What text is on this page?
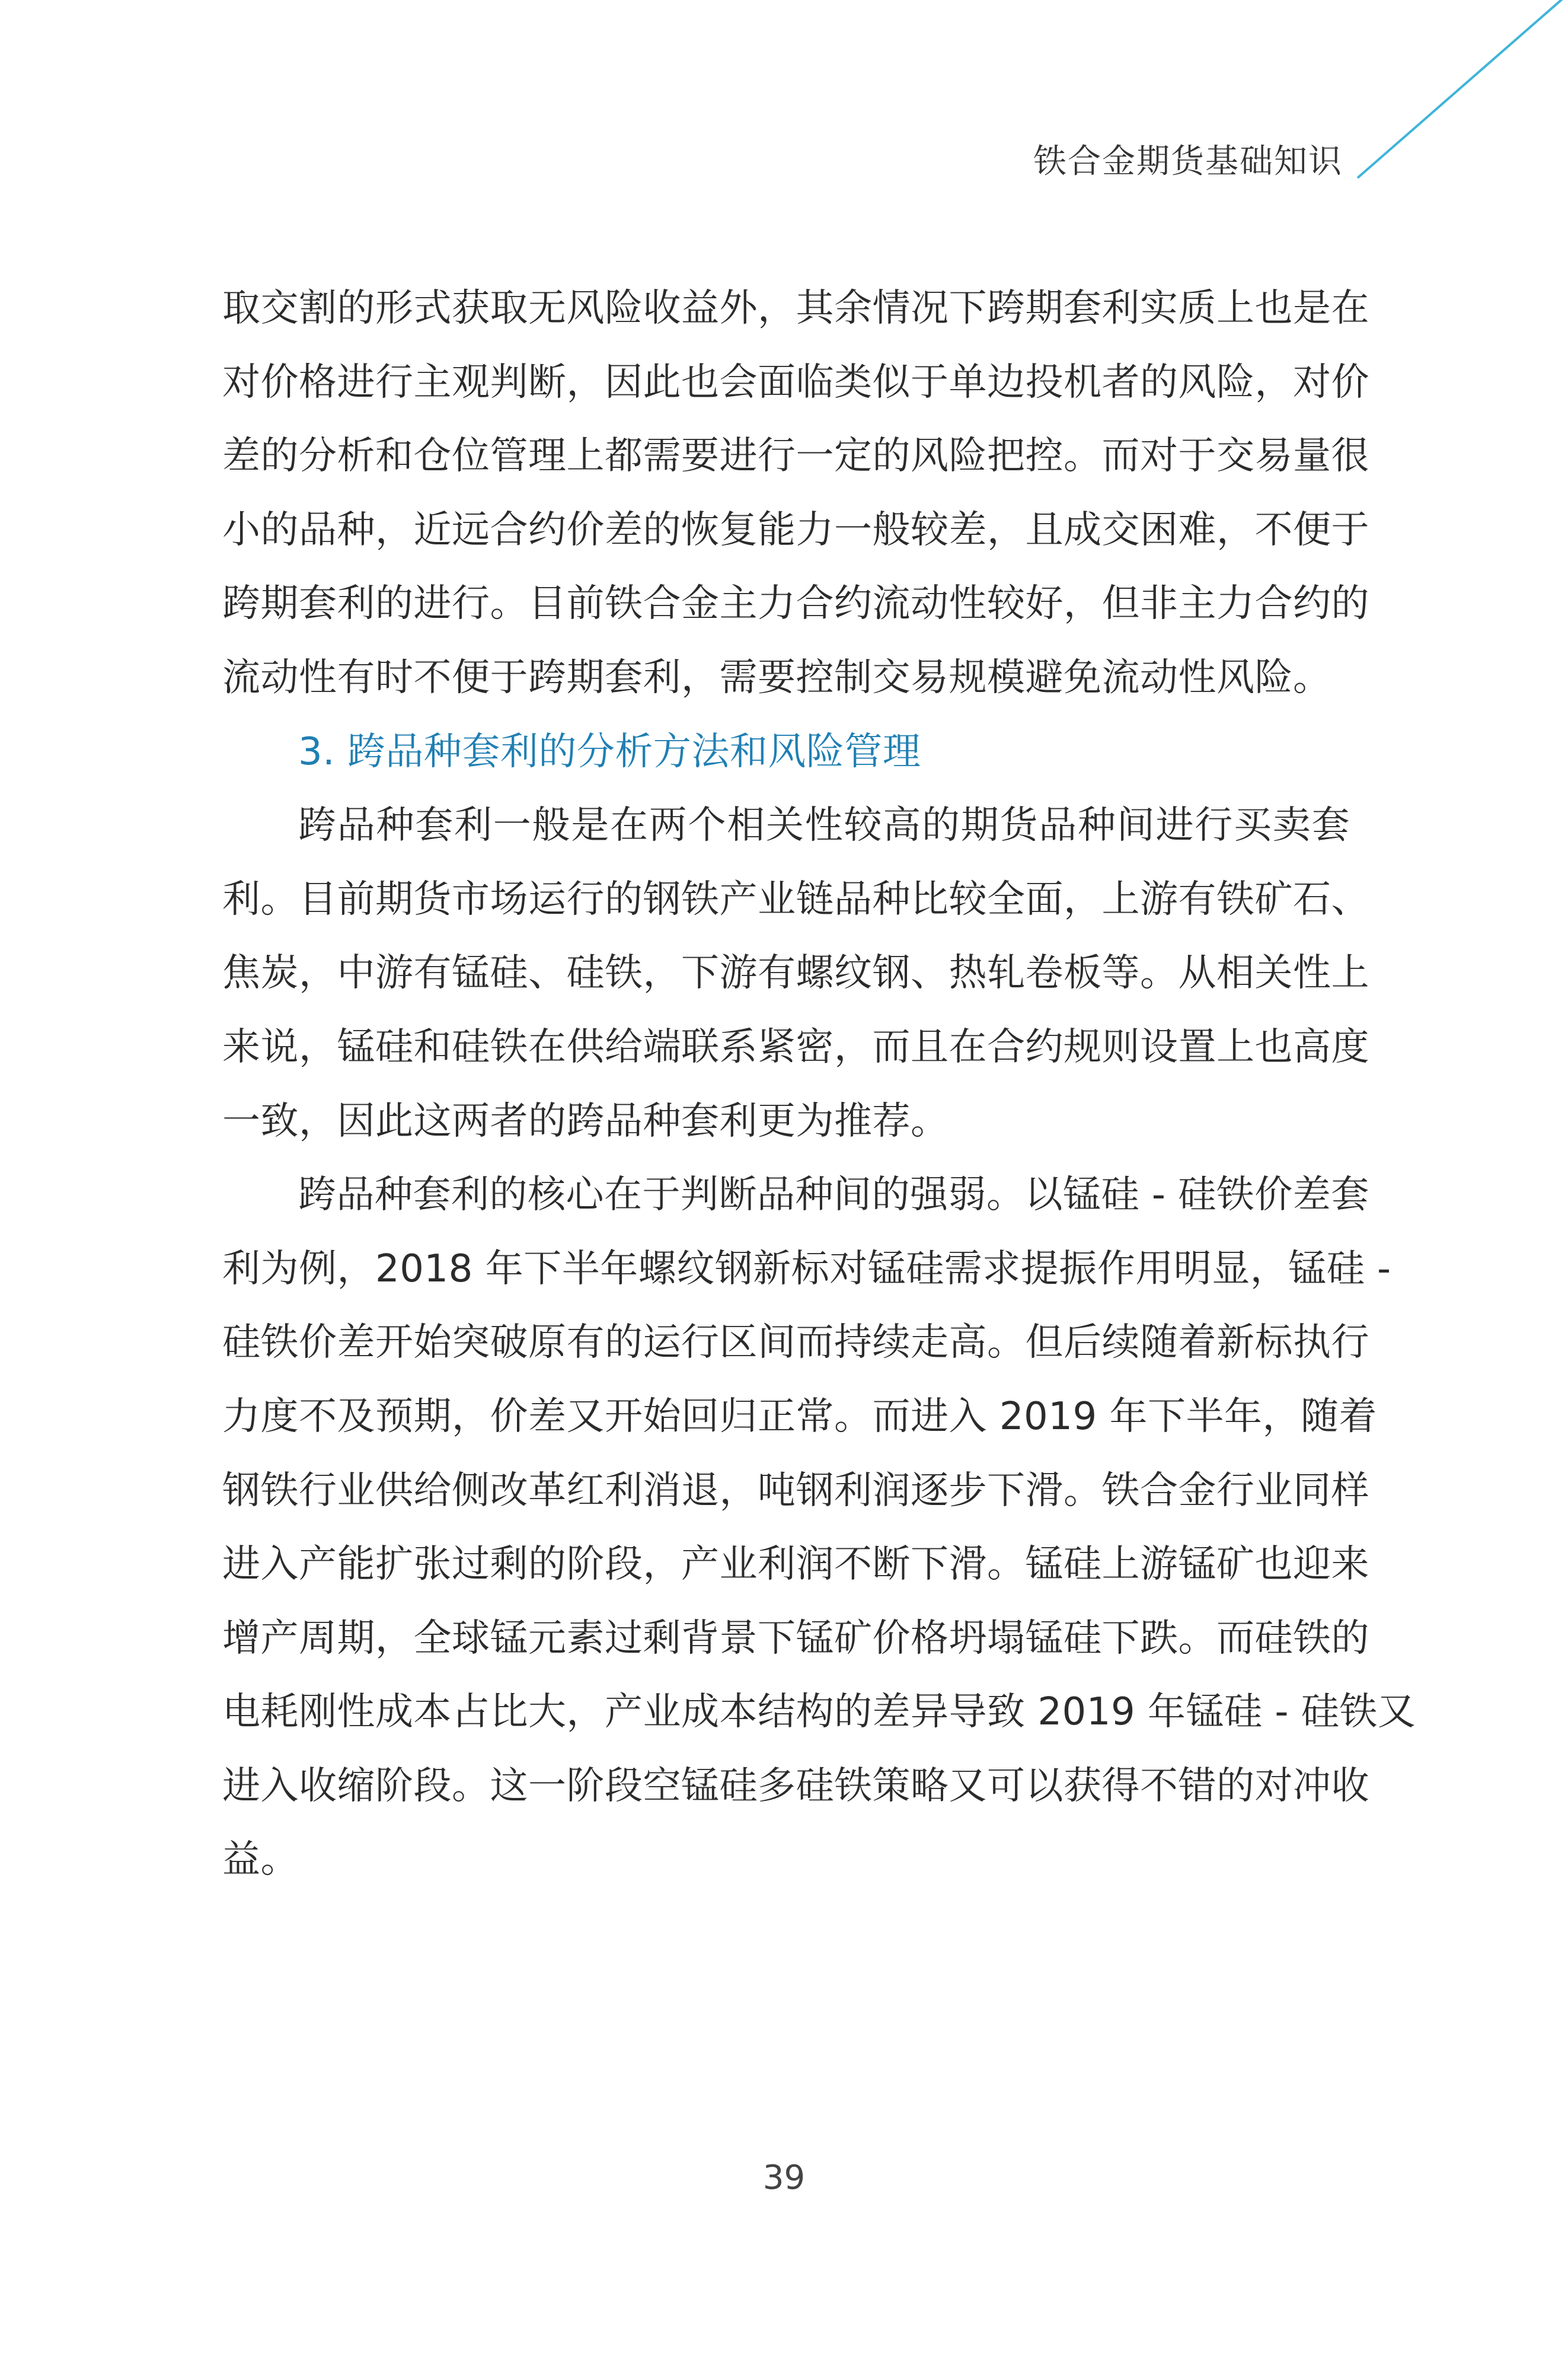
铁合金期货基础知识
取交割的形式获取无风险收益外，其余情况下跨期套利实质上也是在
对价格进行主观判断，因此也会面临类似于单边投机者的风险，对价
差的分析和仓位管理上都需要进行一定的风险把控。而对于交易量很
小的品种，近远合约价差的恢复能力一般较差，且成交困难，不便于
跨期套利的进行。目前铁合金主力合约流动性较好，但非主力合约的
流动性有时不便于跨期套利，需要控制交易规模避免流动性风险。
3. 跨品种套利的分析方法和风险管理
跨品种套利一般是在两个相关性较高的期货品种间进行买卖套
利。目前期货市场运行的钢铁产业链品种比较全面，上游有铁矿石、
焦炭，中游有锰硅、硅铁，下游有螺纹钢、热轧卷板等。从相关性上
来说，锰硅和硅铁在供给端联系紧密，而且在合约规则设置上也高度
一致，因此这两者的跨品种套利更为推荐。
跨品种套利的核心在于判断品种间的强弱。以锰硅 - 硅铁价差套
利为例，2018 年下半年螺纹钢新标对锰硅需求提振作用明显，锰硅 -
硅铁价差开始突破原有的运行区间而持续走高。但后续随着新标执行
力度不及预期，价差又开始回归正常。而进入 2019 年下半年，随着
钢铁行业供给侧改革红利消退，吨钢利润逐步下滑。铁合金行业同样
进入产能扩张过剩的阶段，产业利润不断下滑。锰硅上游锰矿也迎来
增产周期，全球锰元素过剩背景下锰矿价格坍塌锰硅下跌。而硅铁的
电耗刚性成本占比大，产业成本结构的差异导致 2019 年锰硅 - 硅铁又
进入收缩阶段。这一阶段空锰硅多硅铁策略又可以获得不错的对冲收
益。
39
